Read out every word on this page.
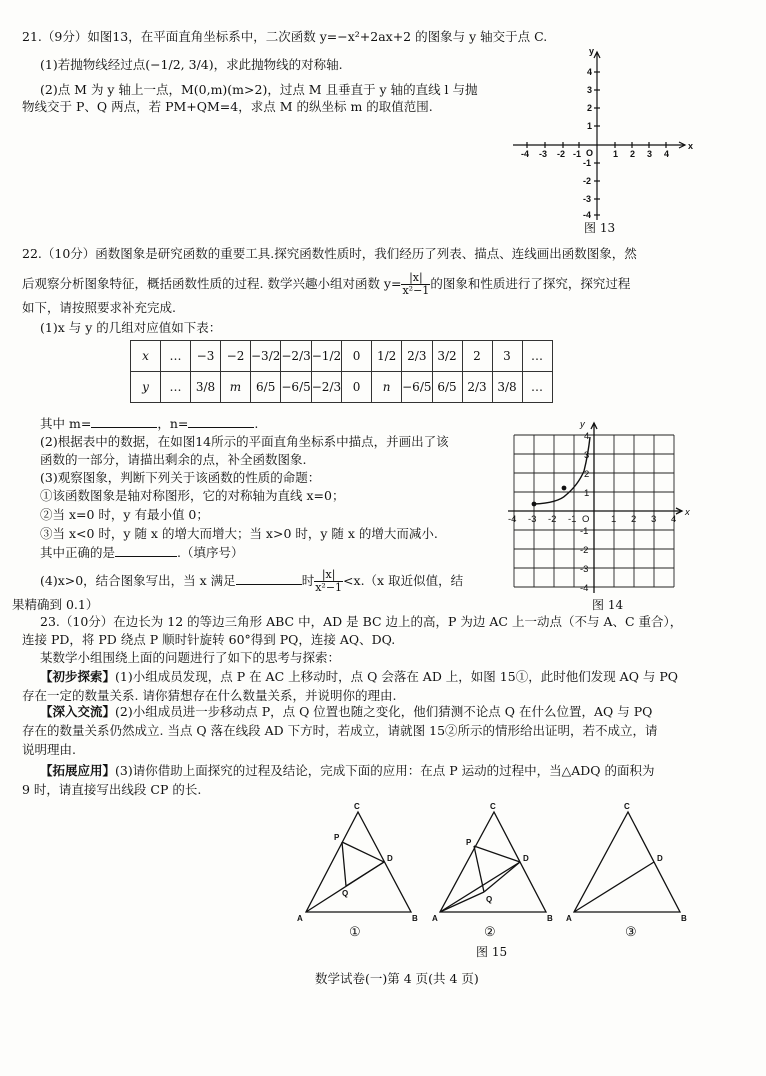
21.（9分）如图13，在平面直角坐标系中，二次函数 y=−x²+2ax+2 的图象与 y 轴交于点 C.
(1)若抛物线经过点(−1/2, 3/4)，求此抛物线的对称轴.
(2)点 M 为 y 轴上一点，M(0,m)(m>2)，过点 M 且垂直于 y 轴的直线 l 与抛
物线交于 P、Q 两点，若 PM+QM=4，求点 M 的纵坐标 m 的取值范围.
x
y
O
-4 -3 -2 -1	1 2 3 4
4
3
2
1
-1
-2
-3
-4
图 13
22.（10分）函数图象是研究函数的重要工具.探究函数性质时，我们经历了列表、描点、连线画出函数图象，然
后观察分析图象特征，概括函数性质的过程. 数学兴趣小组对函数 $y= \frac{|x|}{\text{x²−1}}$ 的图象和性质进行了探究，探究过程
如下，请按照要求补充完成.
(1)x 与 y 的几组对应值如下表：
x	…	−3	−2	−3/2	−2/3	−1/2	0	1/2	2/3	3/2	2	3	…
y	…	3/8	m	6/5	−6/5	−2/3	0	n	−6/5	6/5	2/3	3/8	…
其中 m=	，n=	.
(2)根据表中的数据，在如图14所示的平面直角坐标系中描点，并画出了该
函数的一部分，请描出剩余的点，补全函数图象.
(3)观察图象，判断下列关于该函数的性质的命题：
①该函数图象是轴对称图形，它的对称轴为直线 x=0；
②当 x=0 时，y 有最小值 0；
③当 x<0 时，y 随 x 的增大而增大；当 x>0 时，y 随 x 的增大而减小.
其中正确的是	.（填序号）
(4)x>0，结合图象写出，当 x 满足	时 $\frac{|x|}{\text{x²−1}} <x.(x$ 取近似值，结
果精确到 0.1）
x
y
O
-4 -3 -2 -1	1 2 3 4
4
3
2
1
-1
-2
-3
-4
图 14
23.（10分）在边长为 12 的等边三角形 ABC 中，AD 是 BC 边上的高，P 为边 AC 上一动点（不与 A、C 重合），
连接 PD，将 PD 绕点 P 顺时针旋转 60°得到 PQ，连接 AQ、DQ.
某数学小组围绕上面的问题进行了如下的思考与探索：
【初步探索】(1)小组成员发现，点 P 在 AC 上移动时，点 Q 会落在 AD 上，如图 15①，此时他们发现 AQ 与 PQ
存在一定的数量关系. 请你猜想存在什么数量关系，并说明你的理由.
【深入交流】(2)小组成员进一步移动点 P，点 Q 位置也随之变化，他们猜测不论点 Q 在什么位置，AQ 与 PQ
存在的数量关系仍然成立. 当点 Q 落在线段 AD 下方时，若成立，请就图 15②所示的情形给出证明，若不成立，请
说明理由.
【拓展应用】(3)请你借助上面探究的过程及结论，完成下面的应用：在点 P 运动的过程中，当△ADQ 的面积为
9 时，请直接写出线段 CP 的长.
C
A	B
D
P
Q
C
A	B
D
P
Q
C
A	B
D
①	②	③
图 15
数学试卷(一)第 4 页(共 4 页)
